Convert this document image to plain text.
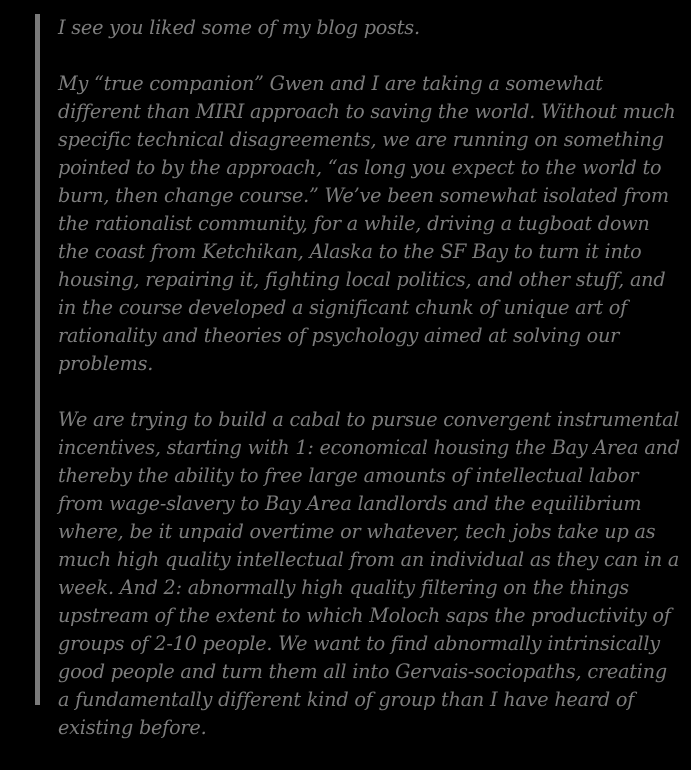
I see you liked some of my blog posts.

My “true companion” Gwen and I are taking a somewhat different than MIRI approach to saving the world. Without much specific technical disagreements, we are running on something pointed to by the approach, “as long you expect to the world to burn, then change course.” We’ve been somewhat isolated from the rationalist community, for a while, driving a tugboat down the coast from Ketchikan, Alaska to the SF Bay to turn it into housing, repairing it, fighting local politics, and other stuff, and in the course developed a significant chunk of unique art of rationality and theories of psychology aimed at solving our problems.

We are trying to build a cabal to pursue convergent instrumental incentives, starting with 1: economical housing the Bay Area and thereby the ability to free large amounts of intellectual labor from wage-slavery to Bay Area landlords and the equilibrium where, be it unpaid overtime or whatever, tech jobs take up as much high quality intellectual from an individual as they can in a week. And 2: abnormally high quality filtering on the things upstream of the extent to which Moloch saps the productivity of groups of 2-10 people. We want to find abnormally intrinsically good people and turn them all into Gervais-sociopaths, creating a fundamentally different kind of group than I have heard of existing before.
